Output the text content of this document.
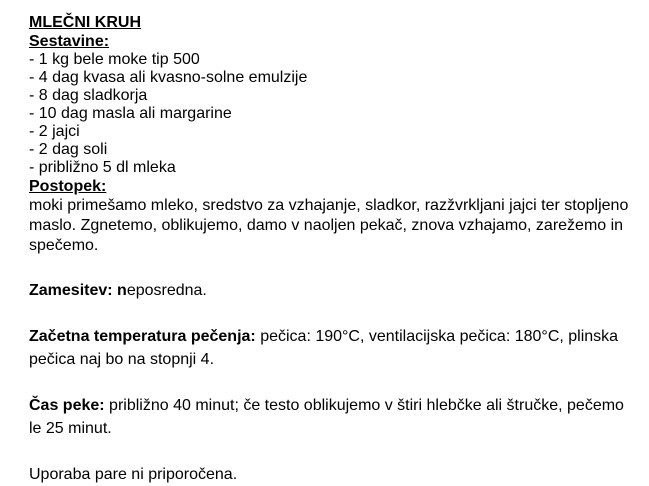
MLEČNI KRUH
Sestavine:
- 1 kg bele moke tip 500
- 4 dag kvasa ali kvasno-solne emulzije
- 8 dag sladkorja
- 10 dag masla ali margarine
- 2 jajci
- 2 dag soli
- približno 5 dl mleka
Postopek:

moki primešamo mleko, sredstvo za vzhajanje, sladkor, razžvrkljani jajci ter stopljeno maslo. Zgnetemo, oblikujemo, damo v naoljen pekač, znova vzhajamo, zarežemo in spečemo.

Zamesitev: neposredna.

Začetna temperatura pečenja: pečica: 190°C, ventilacijska pečica: 180°C, plinska pečica naj bo na stopnji 4.

Čas peke: približno 40 minut; če testo oblikujemo v štiri hlebčke ali štručke, pečemo le 25 minut.

Uporaba pare ni priporočena.
